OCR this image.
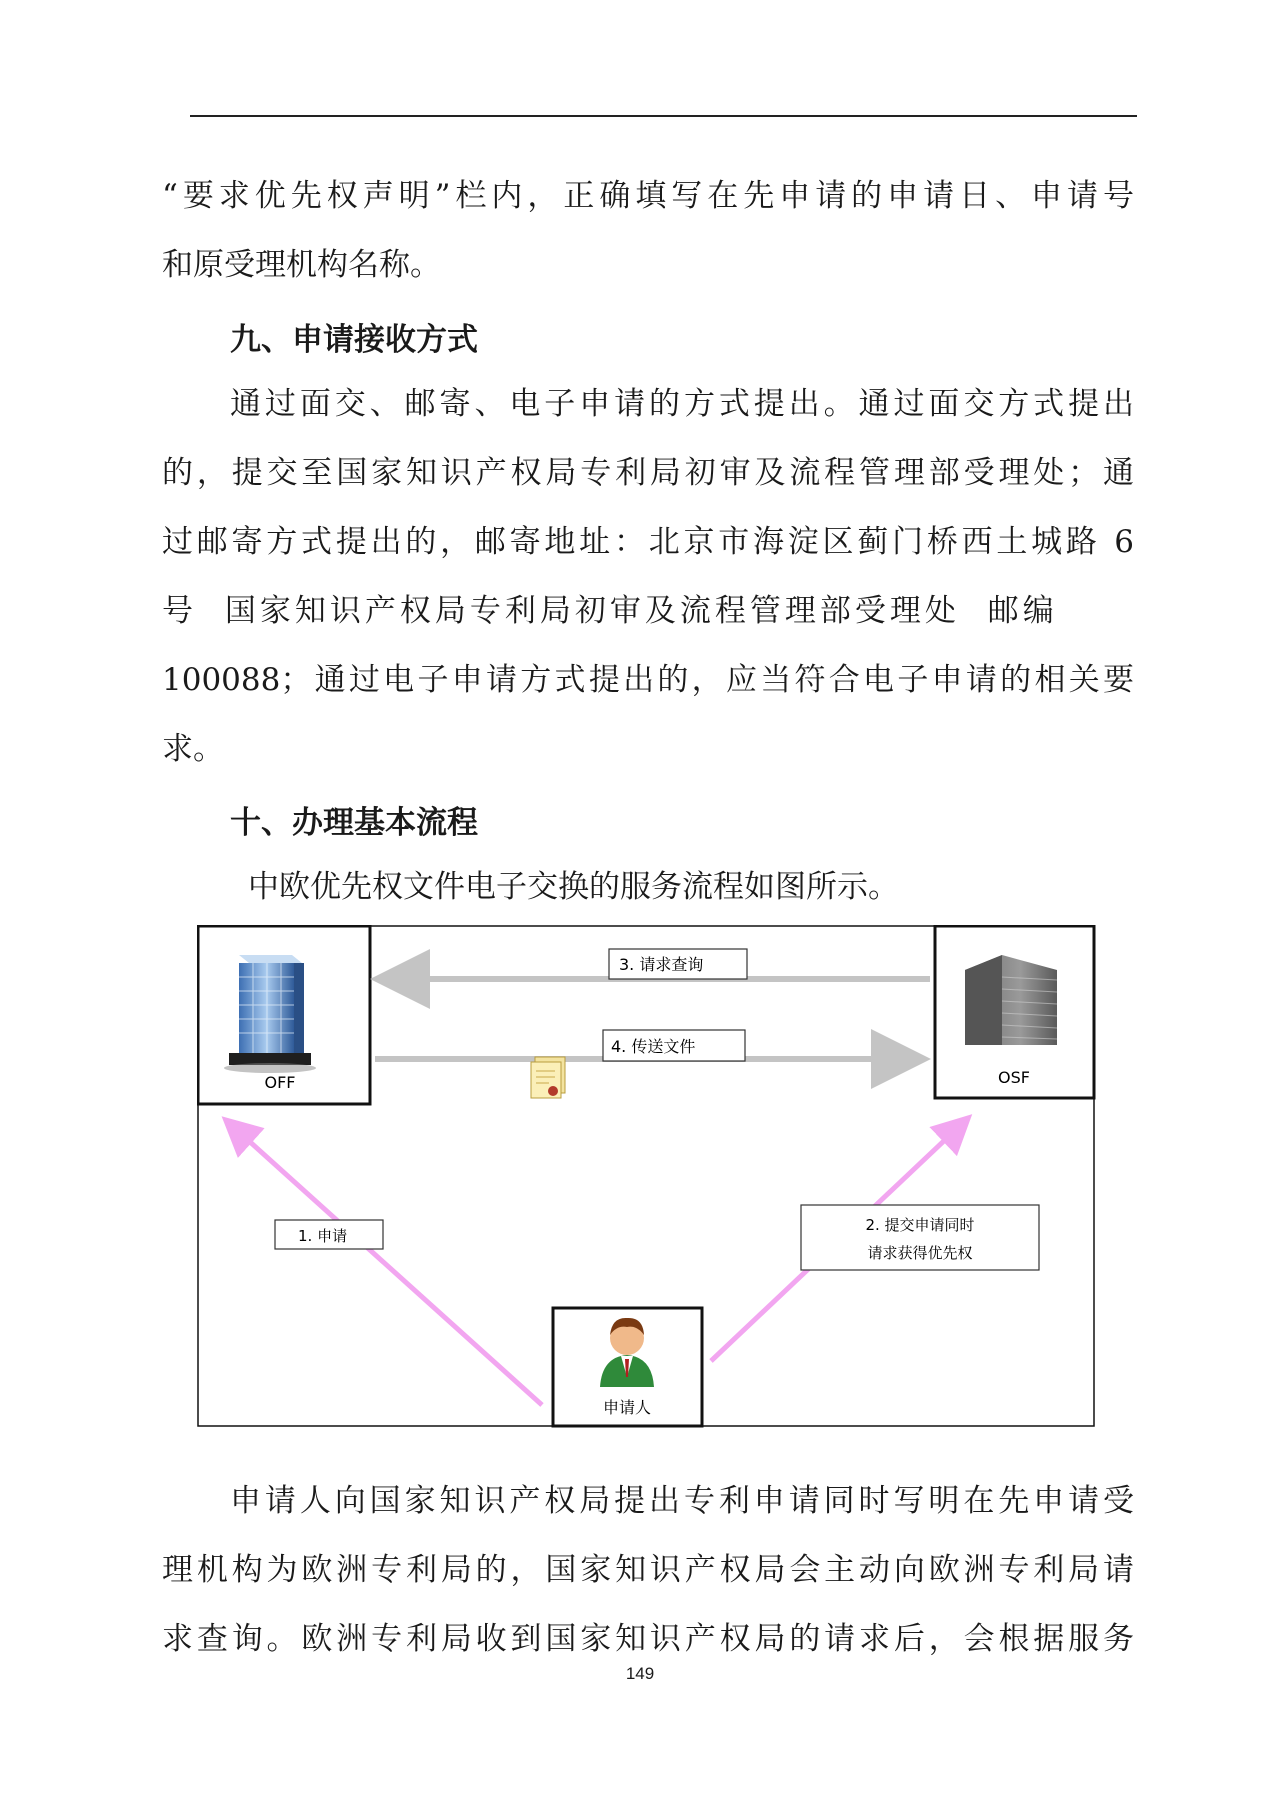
“要求优先权声明”栏内，正确填写在先申请的申请日、申请号

和原受理机构名称。

九、申请接收方式

通过面交、邮寄、电子申请的方式提出。通过面交方式提出

的，提交至国家知识产权局专利局初审及流程管理部受理处；通

过邮寄方式提出的，邮寄地址：北京市海淀区蓟门桥西土城路 6

号 国家知识产权局专利局初审及流程管理部受理处 邮编

100088；通过电子申请方式提出的，应当符合电子申请的相关要

求。

十、办理基本流程

中欧优先权文件电子交换的服务流程如图所示。

OFF	OSF
3. 请求查询
4. 传送文件
1. 申请
2. 提交申请同时
请求获得优先权
申请人

申请人向国家知识产权局提出专利申请同时写明在先申请受

理机构为欧洲专利局的，国家知识产权局会主动向欧洲专利局请

求查询。欧洲专利局收到国家知识产权局的请求后，会根据服务

149
